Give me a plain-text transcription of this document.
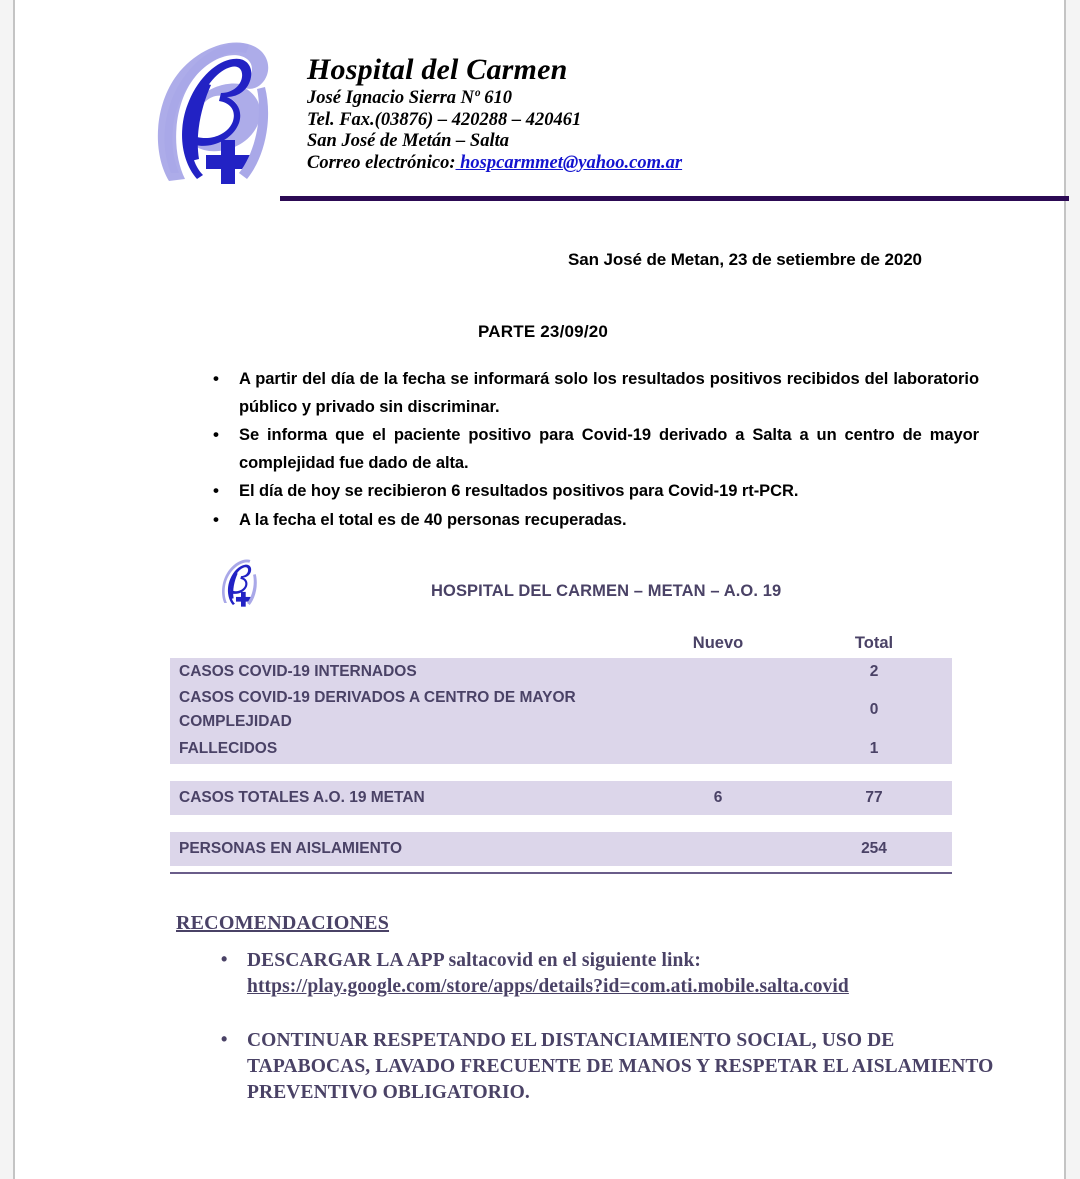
Hospital del Carmen
José Ignacio Sierra Nº 610
Tel. Fax.(03876) – 420288 – 420461
San José de Metán – Salta
Correo electrónico: hospcarmmet@yahoo.com.ar
San José de Metan, 23 de setiembre de 2020
PARTE 23/09/20
• A partir del día de la fecha se informará solo los resultados positivos recibidos del laboratorio público y privado sin discriminar.
• Se informa que el paciente positivo para Covid-19 derivado a Salta a un centro de mayor complejidad fue dado de alta.
• El día de hoy se recibieron 6 resultados positivos para Covid-19 rt-PCR.
• A la fecha el total es de 40 personas recuperadas.
HOSPITAL DEL CARMEN – METAN – A.O. 19
	Nuevo	Total
CASOS COVID-19 INTERNADOS		2
CASOS COVID-19 DERIVADOS A CENTRO DE MAYOR COMPLEJIDAD		0
FALLECIDOS		1

CASOS TOTALES A.O. 19 METAN	6	77

PERSONAS EN AISLAMIENTO		254
RECOMENDACIONES
• DESCARGAR LA APP saltacovid en el siguiente link:
https://play.google.com/store/apps/details?id=com.ati.mobile.salta.covid
• CONTINUAR RESPETANDO EL DISTANCIAMIENTO SOCIAL, USO DE TAPABOCAS, LAVADO FRECUENTE DE MANOS Y RESPETAR EL AISLAMIENTO PREVENTIVO OBLIGATORIO.
